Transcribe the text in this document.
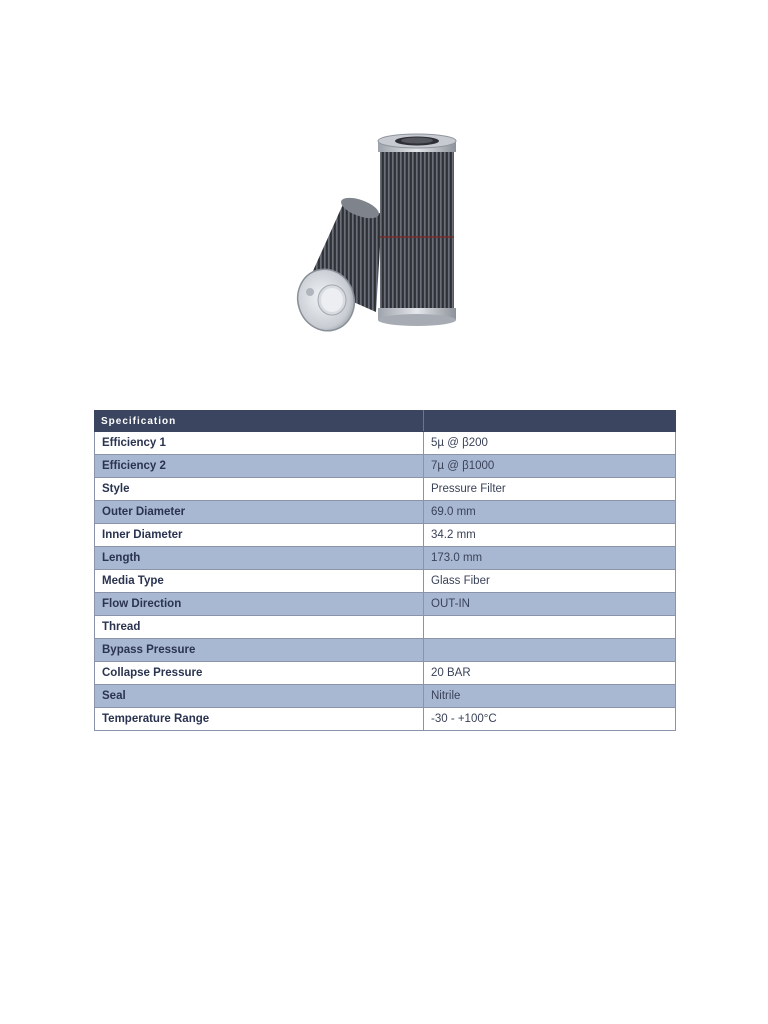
Specification	
Efficiency 1	5µ @ β200
Efficiency 2	7µ @ β1000
Style	Pressure Filter
Outer Diameter	69.0 mm
Inner Diameter	34.2 mm
Length	173.0 mm
Media Type	Glass Fiber
Flow Direction	OUT-IN
Thread	
Bypass Pressure	
Collapse Pressure	20 BAR
Seal	Nitrile
Temperature Range	-30 - +100°C
